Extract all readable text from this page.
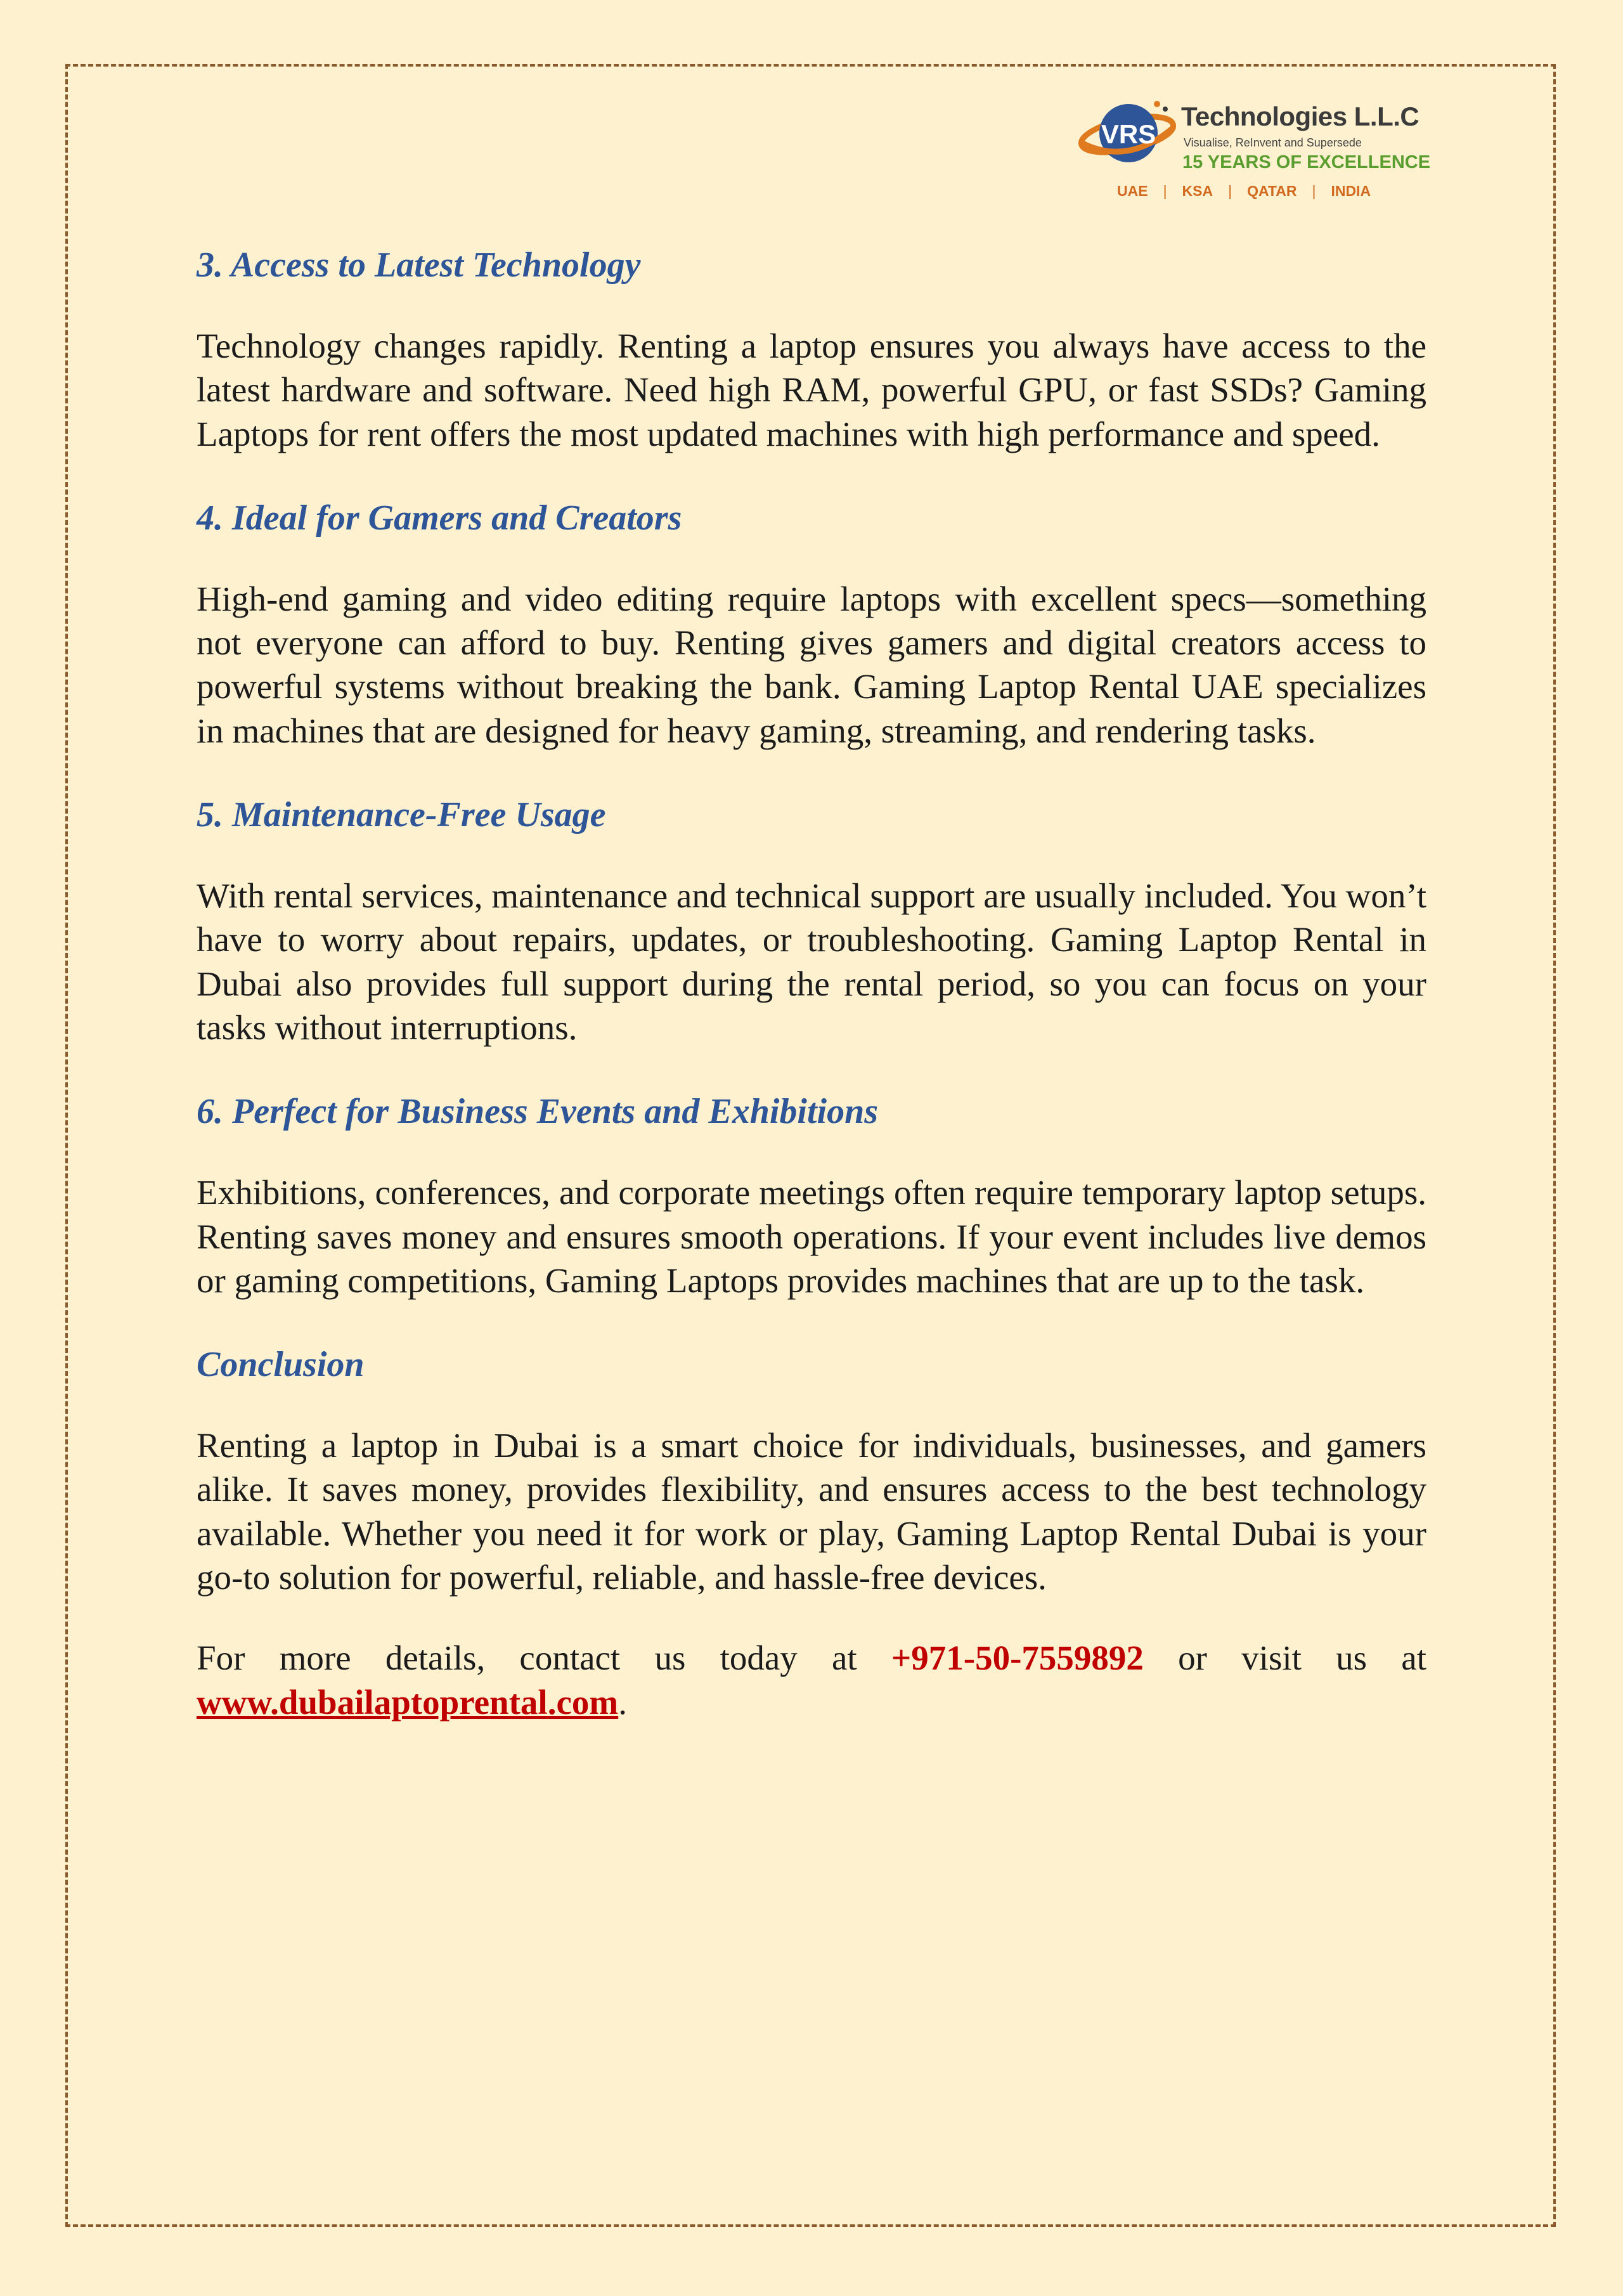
VRS
Technologies L.L.C
Visualise, ReInvent and Supersede
15 YEARS OF EXCELLENCE
UAE	|	KSA	|	QATAR	|	INDIA
3. Access to Latest Technology

Technology changes rapidly. Renting a laptop ensures you always have access to the latest hardware and software. Need high RAM, powerful GPU, or fast SSDs? Gaming Laptops for rent offers the most updated machines with high performance and speed.

4. Ideal for Gamers and Creators

High-end gaming and video editing require laptops with excellent specs—something not everyone can afford to buy. Renting gives gamers and digital creators access to powerful systems without breaking the bank. Gaming Laptop Rental UAE specializes in machines that are designed for heavy gaming, streaming, and rendering tasks.

5. Maintenance-Free Usage

With rental services, maintenance and technical support are usually included. You won’t have to worry about repairs, updates, or troubleshooting. Gaming Laptop Rental in Dubai also provides full support during the rental period, so you can focus on your tasks without interruptions.

6. Perfect for Business Events and Exhibitions

Exhibitions, conferences, and corporate meetings often require temporary laptop setups. Renting saves money and ensures smooth operations. If your event includes live demos or gaming competitions, Gaming Laptops provides machines that are up to the task.

Conclusion

Renting a laptop in Dubai is a smart choice for individuals, businesses, and gamers alike. It saves money, provides flexibility, and ensures access to the best technology available. Whether you need it for work or play, Gaming Laptop Rental Dubai is your go-to solution for powerful, reliable, and hassle-free devices.

For more details, contact us today at +971-50-7559892 or visit us at www.dubailaptoprental.com.
